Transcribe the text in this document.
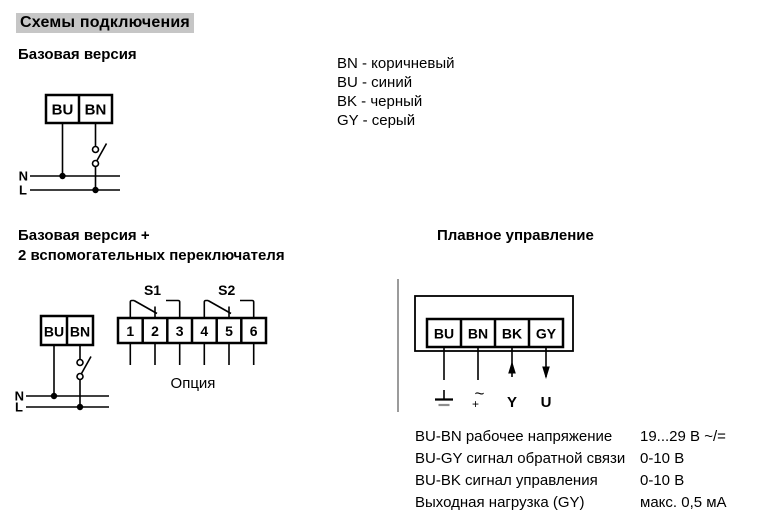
Схемы подключения
Базовая версия
BN - коричневый
BU - синий
BK - черный
GY - серый
BU BN
N
L
Базовая версия +
2 вспомогательных переключателя
Плавное управление
BU BN
N
L
1 2 3 4 5 6
S1	S2
Опция
BU BN BK GY
~
+ Y U
BU-BN рабочее напряжение	19...29 В ~/=
BU-GY сигнал обратной связи 0-10 В
BU-BK сигнал управления	0-10 В
Выходная нагрузка (GY)	макс. 0,5 мА
